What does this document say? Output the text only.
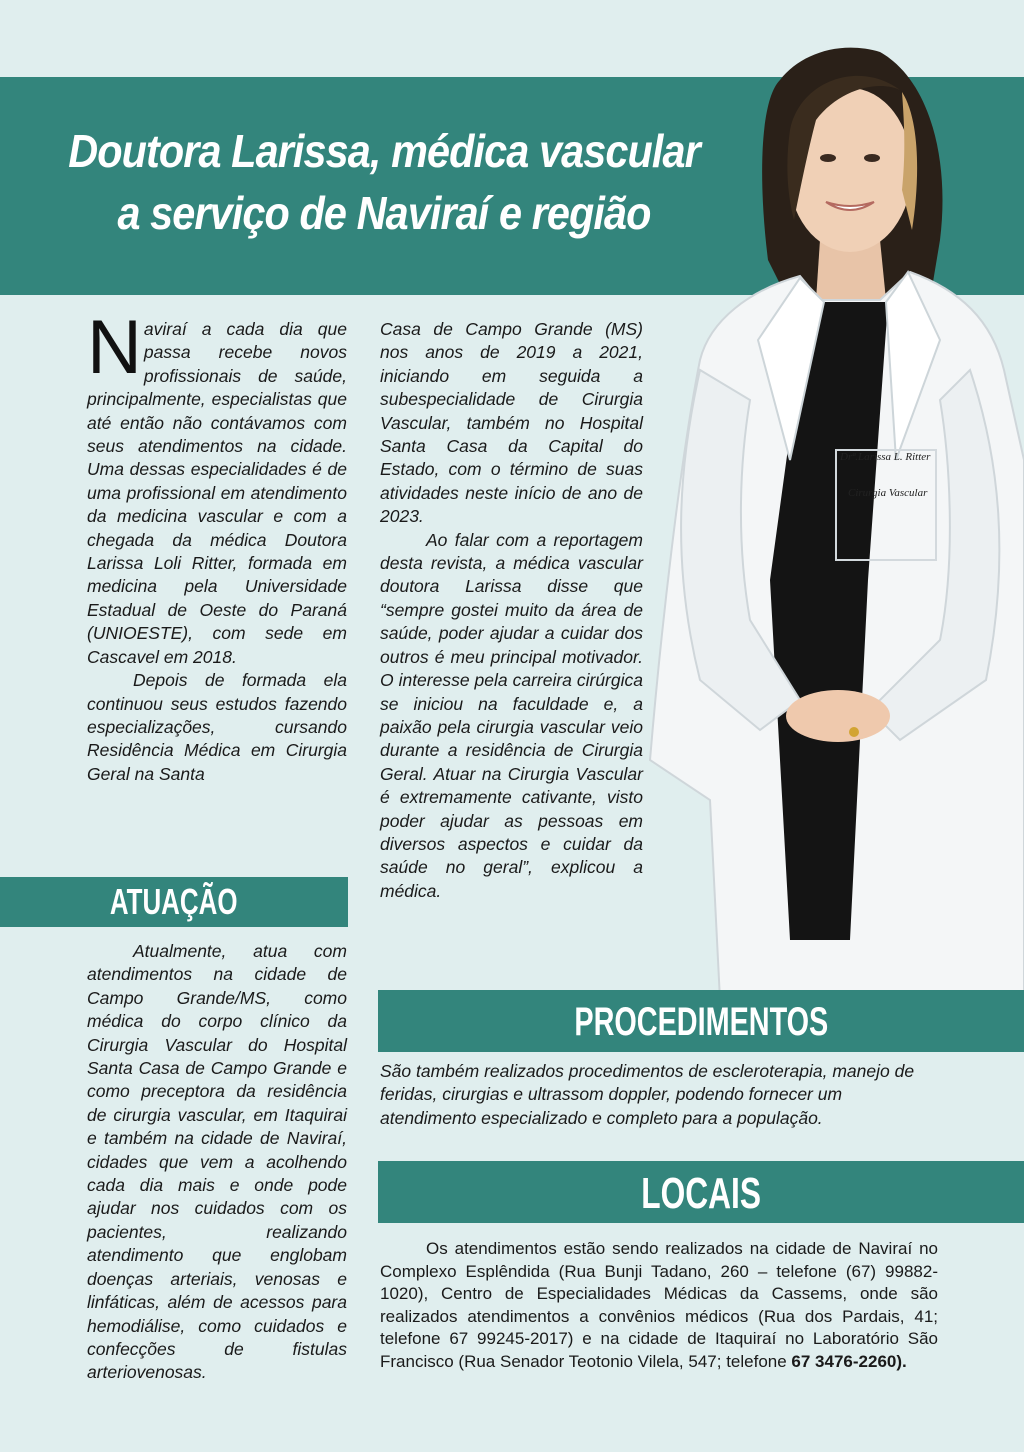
Drª.Larissa L. Ritter
Cirurgia Vascular
Doutora Larissa, médica vascular
a serviço de Naviraí e região

Naviraí a cada dia que passa recebe novos profissionais de saúde, principalmente, especialistas que até então não contávamos com seus atendimentos na cidade. Uma dessas especialidades é de uma profissional em atendimento da medicina vascular e com a chegada da médica Doutora Larissa Loli Ritter, formada em medicina pela Universidade Estadual de Oeste do Paraná (UNIOESTE), com sede em Cascavel em 2018.

Depois de formada ela continuou seus estudos fazendo especializações, cursando Residência Médica em Cirurgia Geral na Santa

Casa de Campo Grande (MS) nos anos de 2019 a 2021, iniciando em seguida a subespecialidade de Cirurgia Vascular, também no Hospital Santa Casa da Capital do Estado, com o término de suas atividades neste início de ano de 2023.

Ao falar com a reportagem desta revista, a médica vascular doutora Larissa disse que “sempre gostei muito da área de saúde, poder ajudar a cuidar dos outros é meu principal motivador. O interesse pela carreira cirúrgica se iniciou na faculdade e, a paixão pela cirurgia vascular veio durante a residência de Cirurgia Geral. Atuar na Cirurgia Vascular é extremamente cativante, visto poder ajudar as pessoas em diversos aspectos e cuidar da saúde no geral”, explicou a médica.

ATUAÇÃO

Atualmente, atua com atendimentos na cidade de Campo Grande/MS, como médica do corpo clínico da Cirurgia Vascular do Hospital Santa Casa de Campo Grande e como preceptora da residência de cirurgia vascular, em Itaquirai e também na cidade de Naviraí, cidades que vem a acolhendo cada dia mais e onde pode ajudar nos cuidados com os pacientes, realizando atendimento que englobam doenças arteriais, venosas e linfáticas, além de acessos para hemodiálise, como cuidados e confecções de fistulas arteriovenosas.

PROCEDIMENTOS
São também realizados procedimentos de escleroterapia, manejo de feridas, cirurgias e ultrassom doppler, podendo fornecer um atendimento especializado e completo para a população.
LOCAIS
Os atendimentos estão sendo realizados na cidade de Naviraí no Complexo Esplêndida (Rua Bunji Tadano, 260 – telefone (67) 99882-1020), Centro de Especialidades Médicas da Cassems, onde são realizados atendimentos a convênios médicos (Rua dos Pardais, 41; telefone 67 99245-2017) e na cidade de Itaquiraí no Laboratório São Francisco (Rua Senador Teotonio Vilela, 547; telefone 67 3476-2260).
